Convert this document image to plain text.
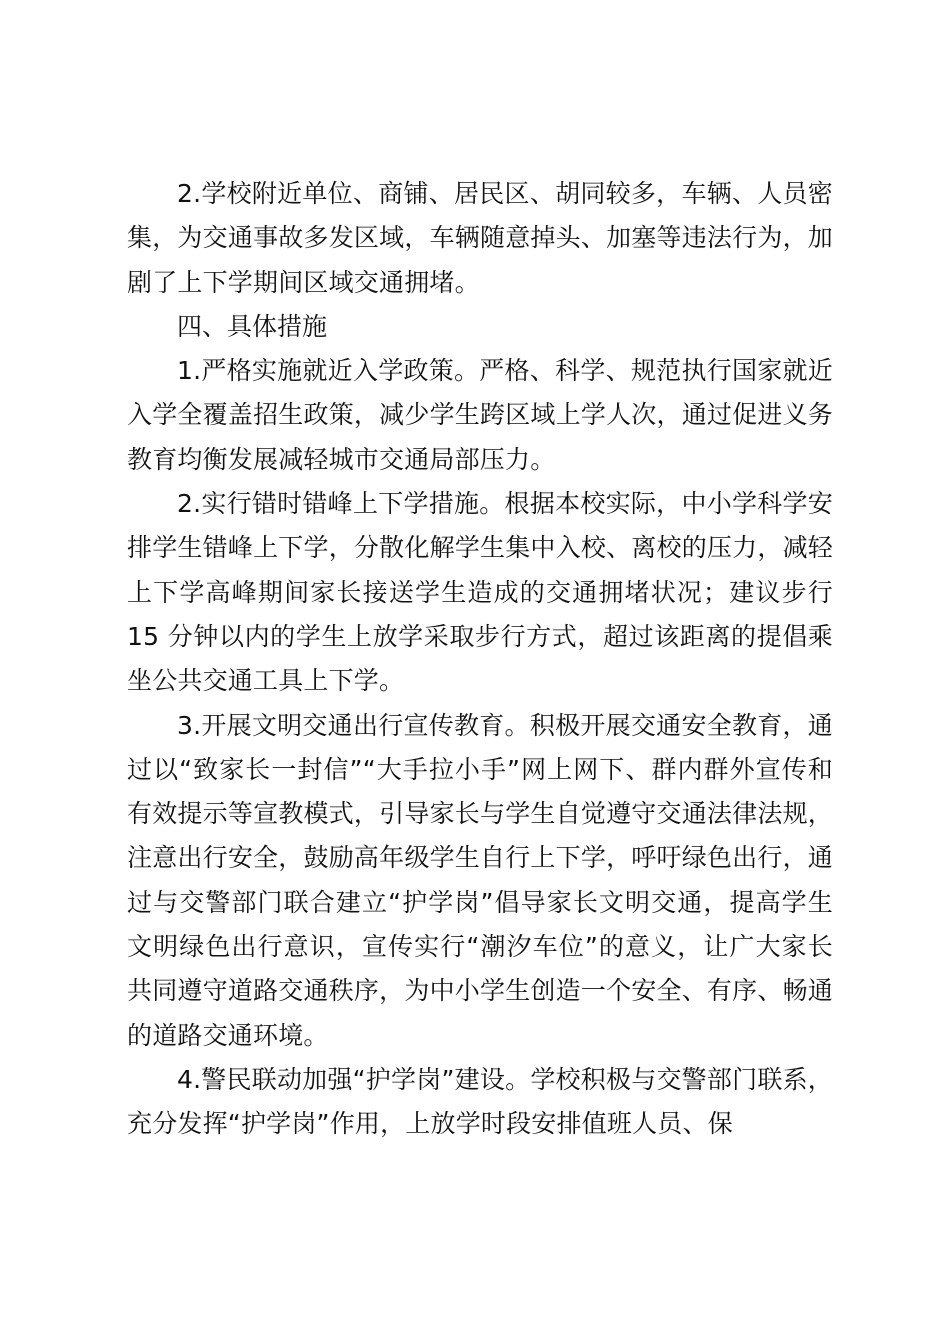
2.学校附近单位、商铺、居民区、胡同较多，车辆、人员密集，为交通事故多发区域，车辆随意掉头、加塞等违法行为，加剧了上下学期间区域交通拥堵。

四、具体措施

1.严格实施就近入学政策。严格、科学、规范执行国家就近入学全覆盖招生政策，减少学生跨区域上学人次，通过促进义务教育均衡发展减轻城市交通局部压力。

2.实行错时错峰上下学措施。根据本校实际，中小学科学安排学生错峰上下学，分散化解学生集中入校、离校的压力，减轻上下学高峰期间家长接送学生造成的交通拥堵状况；建议步行 15 分钟以内的学生上放学采取步行方式，超过该距离的提倡乘坐公共交通工具上下学。

3.开展文明交通出行宣传教育。积极开展交通安全教育，通过以“致家长一封信”“大手拉小手”网上网下、群内群外宣传和有效提示等宣教模式，引导家长与学生自觉遵守交通法律法规，注意出行安全，鼓励高年级学生自行上下学，呼吁绿色出行，通过与交警部门联合建立“护学岗”倡导家长文明交通，提高学生文明绿色出行意识，宣传实行“潮汐车位”的意义，让广大家长共同遵守道路交通秩序，为中小学生创造一个安全、有序、畅通的道路交通环境。

4.警民联动加强“护学岗”建设。学校积极与交警部门联系，充分发挥“护学岗”作用，上放学时段安排值班人员、保
